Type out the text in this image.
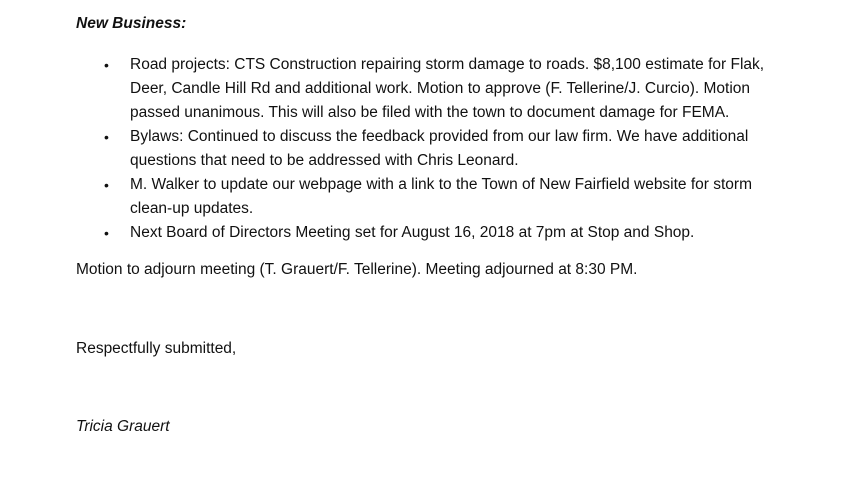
New Business:

•	Road projects: CTS Construction repairing storm damage to roads. $8,100 estimate for Flak, Deer, Candle Hill Rd and additional work. Motion to approve (F. Tellerine/J. Curcio). Motion passed unanimous. This will also be filed with the town to document damage for FEMA.
•	Bylaws: Continued to discuss the feedback provided from our law firm. We have additional questions that need to be addressed with Chris Leonard.
•	M. Walker to update our webpage with a link to the Town of New Fairfield website for storm clean-up updates.
•	Next Board of Directors Meeting set for August 16, 2018 at 7pm at Stop and Shop.

Motion to adjourn meeting (T. Grauert/F. Tellerine). Meeting adjourned at 8:30 PM.

Respectfully submitted,

Tricia Grauert
